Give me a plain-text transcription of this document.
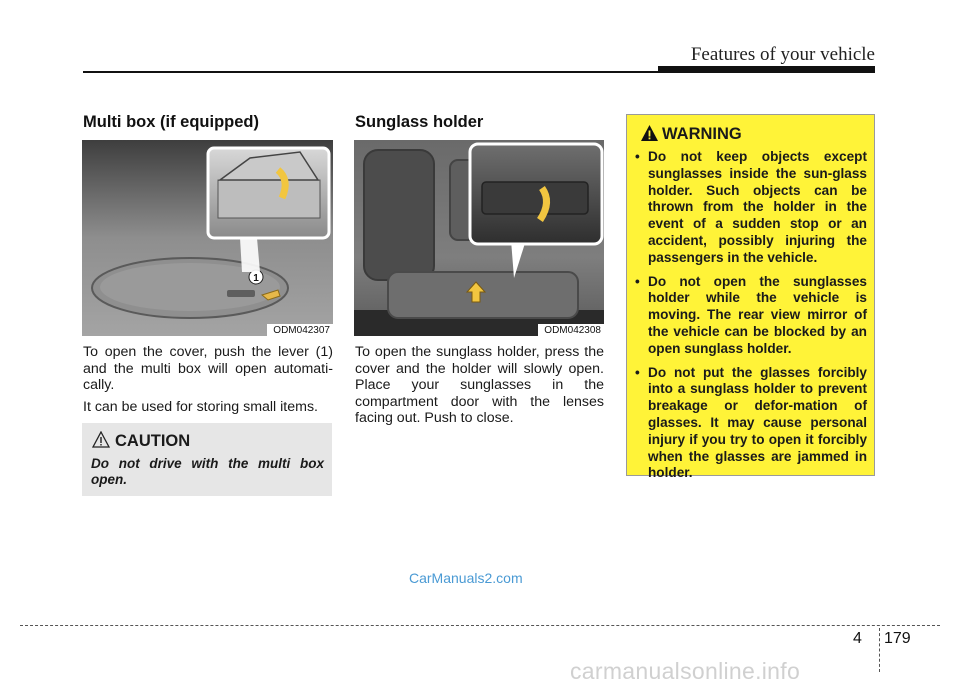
Features of your vehicle
Multi box (if equipped)
1
ODM042307

To open the cover, push the lever (1) and the multi box will open automati-cally.

It can be used for storing small items.

CAUTION
Do not drive with the multi box open.
Sunglass holder
ODM042308

To open the sunglass holder, press the cover and the holder will slowly open. Place your sunglasses in the compartment door with the lenses facing out. Push to close.

WARNING
• Do not keep objects except sunglasses inside the sun-glass holder. Such objects can be thrown from the holder in the event of a sudden stop or an accident, possibly injuring the passengers in the vehicle.
• Do not open the sunglasses holder while the vehicle is moving. The rear view mirror of the vehicle can be blocked by an open sunglass holder.
• Do not put the glasses forcibly into a sunglass holder to prevent breakage or defor-mation of glasses. It may cause personal injury if you try to open it forcibly when the glasses are jammed in holder.
CarManuals2.com
4 179
carmanualsonline.info
